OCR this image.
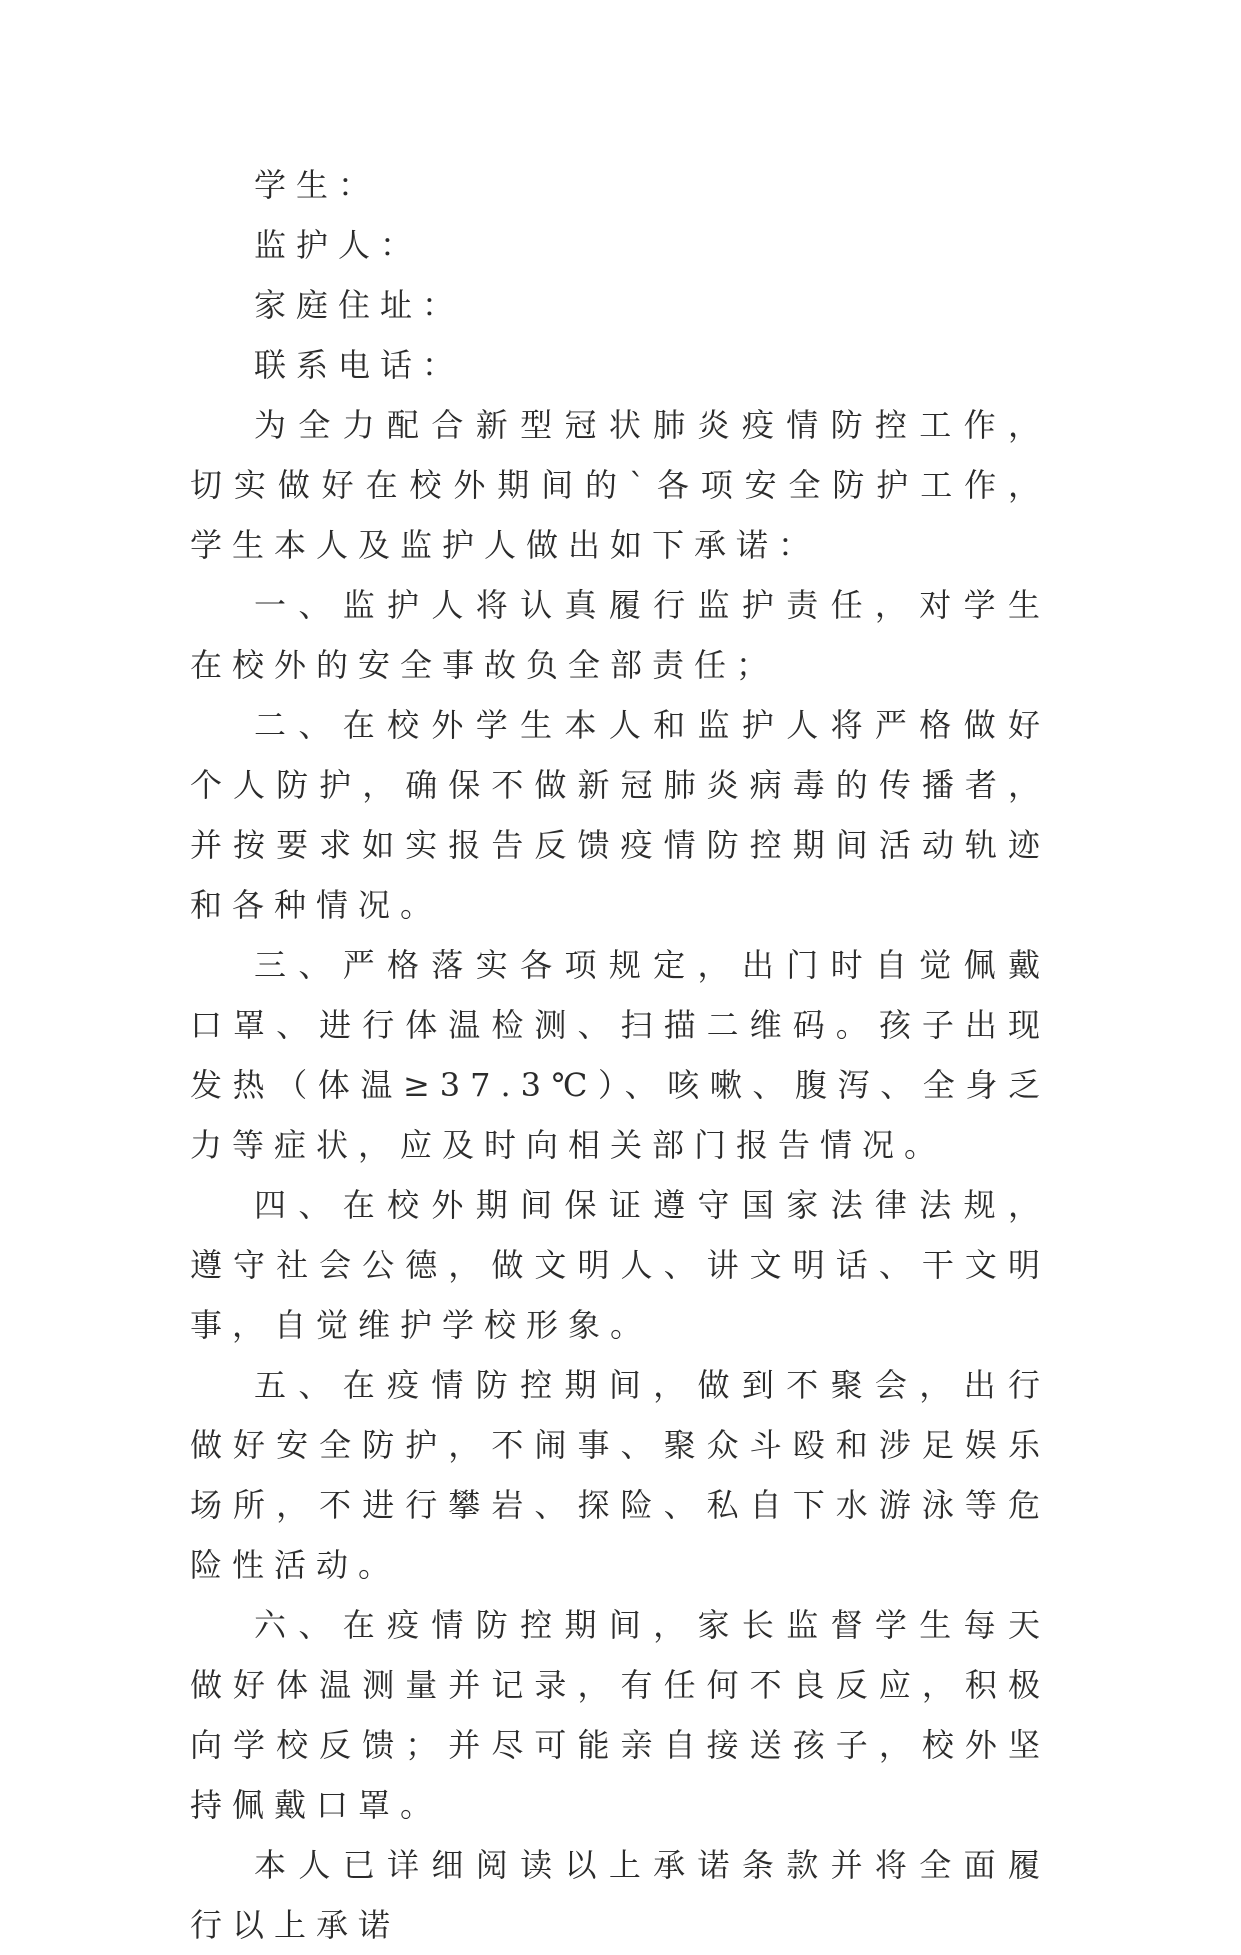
学生：

监护人：

家庭住址：

联系电话：

为全力配合新型冠状肺炎疫情防控工作，切实做好在校外期间的`各项安全防护工作，学生本人及监护人做出如下承诺：

一、监护人将认真履行监护责任，对学生在校外的安全事故负全部责任；

二、在校外学生本人和监护人将严格做好个人防护，确保不做新冠肺炎病毒的传播者，并按要求如实报告反馈疫情防控期间活动轨迹和各种情况。

三、严格落实各项规定，出门时自觉佩戴口罩、进行体温检测、扫描二维码。孩子出现发热（体温≥37.3℃）、咳嗽、腹泻、全身乏力等症状，应及时向相关部门报告情况。

四、在校外期间保证遵守国家法律法规，遵守社会公德，做文明人、讲文明话、干文明事，自觉维护学校形象。

五、在疫情防控期间，做到不聚会，出行做好安全防护，不闹事、聚众斗殴和涉足娱乐场所，不进行攀岩、探险、私自下水游泳等危险性活动。

六、在疫情防控期间，家长监督学生每天做好体温测量并记录，有任何不良反应，积极向学校反馈；并尽可能亲自接送孩子，校外坚持佩戴口罩。

本人已详细阅读以上承诺条款并将全面履行以上承诺
